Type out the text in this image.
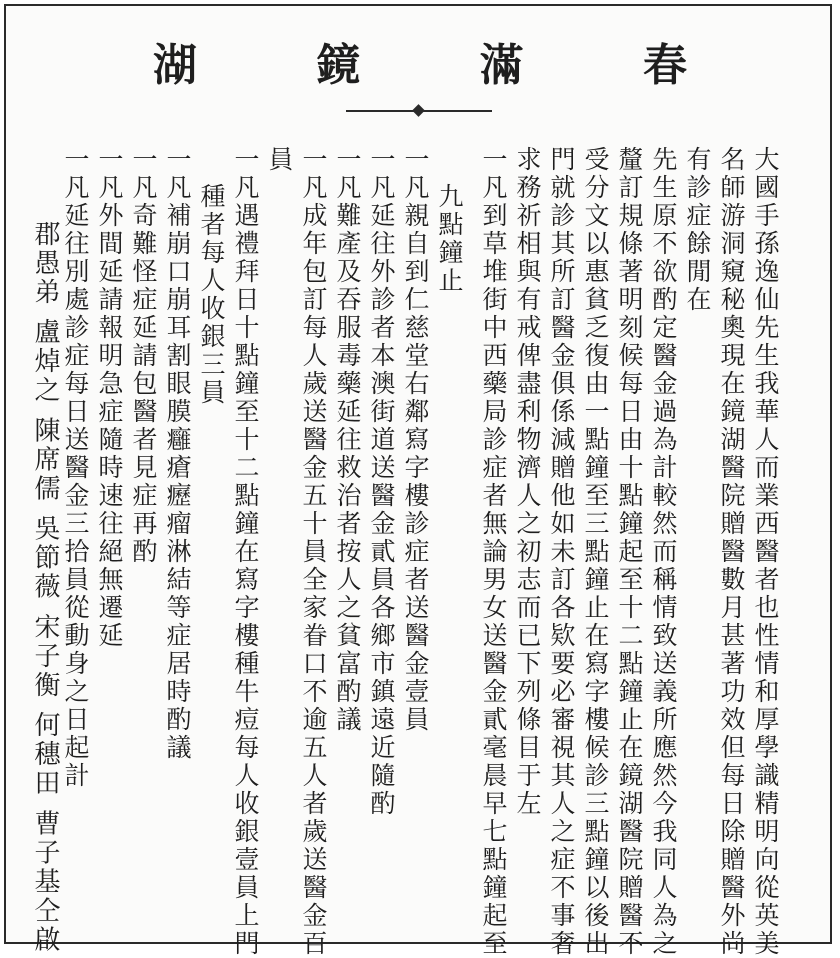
湖 鏡 滿 春

大國手孫逸仙先生我華人而業西醫者也性情和厚學識精明向從英美

名師游洞窺秘奧現在鏡湖醫院贈醫數月甚著功效但每日除贈醫外尚

有診症餘閒在

先生原不欲酌定醫金過為計較然而稱情致送義所應然今我同人為之

釐訂規條著明刻候每日由十點鐘起至十二點鐘止在鏡湖醫院贈醫不

受分文以惠貧乏復由一點鐘至三點鐘止在寫字樓候診三點鐘以後出

門就診其所訂醫金俱係減贈他如未訂各欵要必審視其人之症不事奢

求務祈相與有戒俾盡利物濟人之初志而已下列條目于左

一凡到草堆街中西藥局診症者無論男女送醫金貳毫晨早七點鐘起至

九點鐘止

一凡親自到仁慈堂右鄰寫字樓診症者送醫金壹員

一凡延往外診者本澳街道送醫金貳員各鄉市鎮遠近隨酌

一凡難產及吞服毒藥延往救治者按人之貧富酌議

一凡成年包訂每人歲送醫金五十員全家眷口不逾五人者歲送醫金百

員

一凡遇禮拜日十點鐘至十二點鐘在寫字樓種牛痘每人收銀壹員上門

種者每人收銀三員

一凡補崩口崩耳割眼膜癰瘡癧瘤淋結等症居時酌議

一凡奇難怪症延請包醫者見症再酌

一凡外間延請報明急症隨時速往絕無遷延

一凡延往別處診症每日送醫金三拾員從動身之日起計

郡愚弟 盧焯之 陳席儒 吳節薇 宋子衡 何穗田 曹子基仝啟
